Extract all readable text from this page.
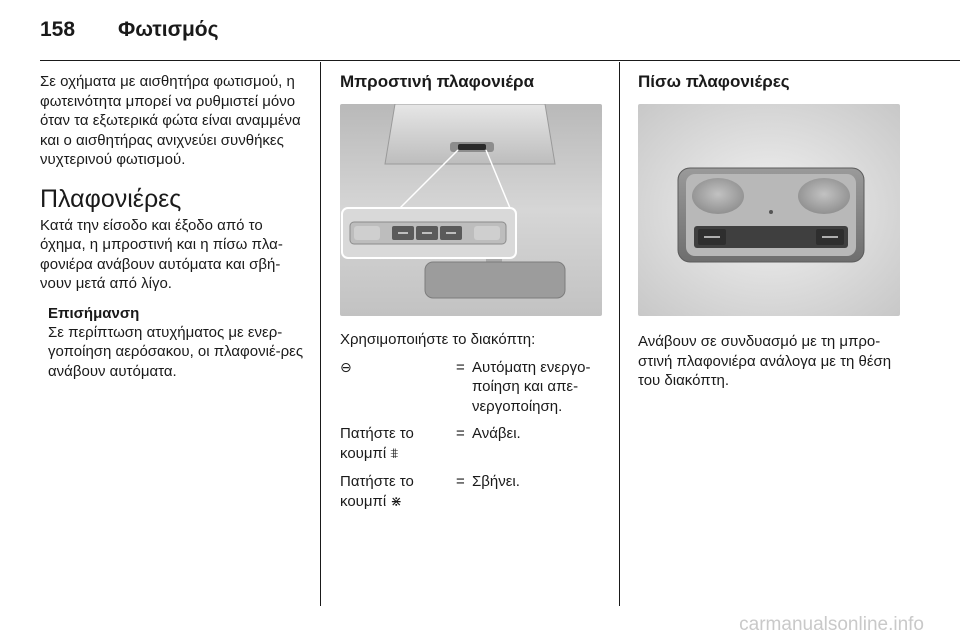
158 Φωτισμός

Σε οχήματα με αισθητήρα φωτισμού, η φωτεινότητα μπορεί να ρυθμιστεί μόνο όταν τα εξωτερικά φώτα είναι αναμμένα και ο αισθητήρας ανιχνεύει συνθήκες νυχτερινού φωτισμού.

Πλαφονιέρες

Κατά την είσοδο και έξοδο από το όχημα, η μπροστινή και η πίσω πλα-φονιέρα ανάβουν αυτόματα και σβή-νουν μετά από λίγο.

Επισήμανση

Σε περίπτωση ατυχήματος με ενερ-γοποίηση αερόσακου, οι πλαφονιέ-ρες ανάβουν αυτόματα.

Μπροστινή πλαφονιέρα

Χρησιμοποιήστε το διακόπτη:

⊖	= Αυτόματη ενεργο-ποίηση και απε-νεργοποίηση.
Πατήστε το κουμπί ⩨
= Ανάβει.
Πατήστε το κουμπί ⋇
= Σβήνει.
Πίσω πλαφονιέρες

Ανάβουν σε συνδυασμό με τη μπρο-στινή πλαφονιέρα ανάλογα με τη θέση του διακόπτη.

carmanualsonline.info
